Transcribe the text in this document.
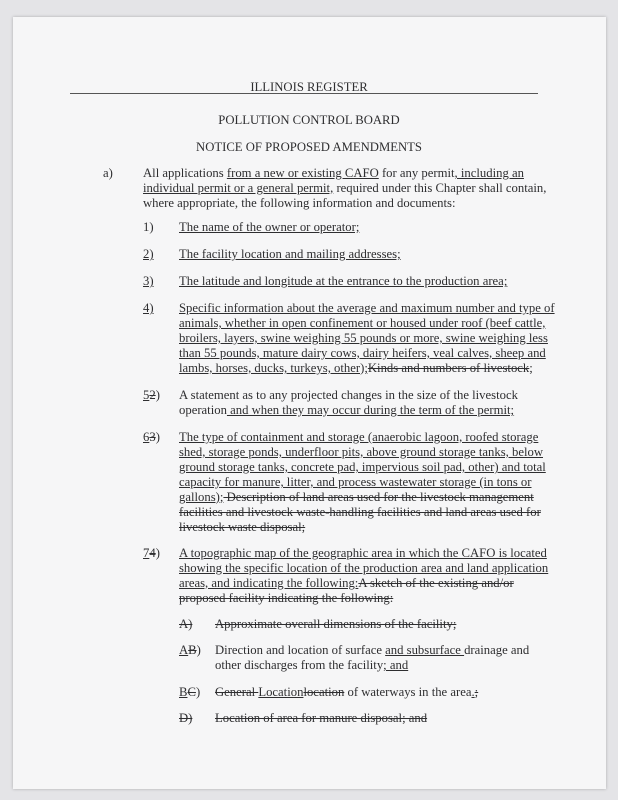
ILLINOIS REGISTER
POLLUTION CONTROL BOARD
NOTICE OF PROPOSED AMENDMENTS
a) All applications from a new or existing CAFO for any permit, including an
individual permit or a general permit, required under this Chapter shall contain,
where appropriate, the following information and documents:
1) The name of the owner or operator;
2) The facility location and mailing addresses;
3) The latitude and longitude at the entrance to the production area;
4) Specific information about the average and maximum number and type of
animals, whether in open confinement or housed under roof (beef cattle,
broilers, layers, swine weighing 55 pounds or more, swine weighing less
than 55 pounds, mature dairy cows, dairy heifers, veal calves, sheep and
lambs, horses, ducks, turkeys, other);Kinds and numbers of livestock;
52) A statement as to any projected changes in the size of the livestock
operation and when they may occur during the term of the permit;
63) The type of containment and storage (anaerobic lagoon, roofed storage
shed, storage ponds, underfloor pits, above ground storage tanks, below
ground storage tanks, concrete pad, impervious soil pad, other) and total
capacity for manure, litter, and process wastewater storage (in tons or
gallons); Description of land areas used for the livestock management
facilities and livestock waste-handling facilities and land areas used for
livestock waste disposal;
74) A topographic map of the geographic area in which the CAFO is located
showing the specific location of the production area and land application
areas, and indicating the following:A sketch of the existing and/or
proposed facility indicating the following:
A) Approximate overall dimensions of the facility;
AB) Direction and location of surface and subsurface drainage and
other discharges from the facility; and
BC) General Locationlocation of waterways in the area.;
D) Location of area for manure disposal; and
